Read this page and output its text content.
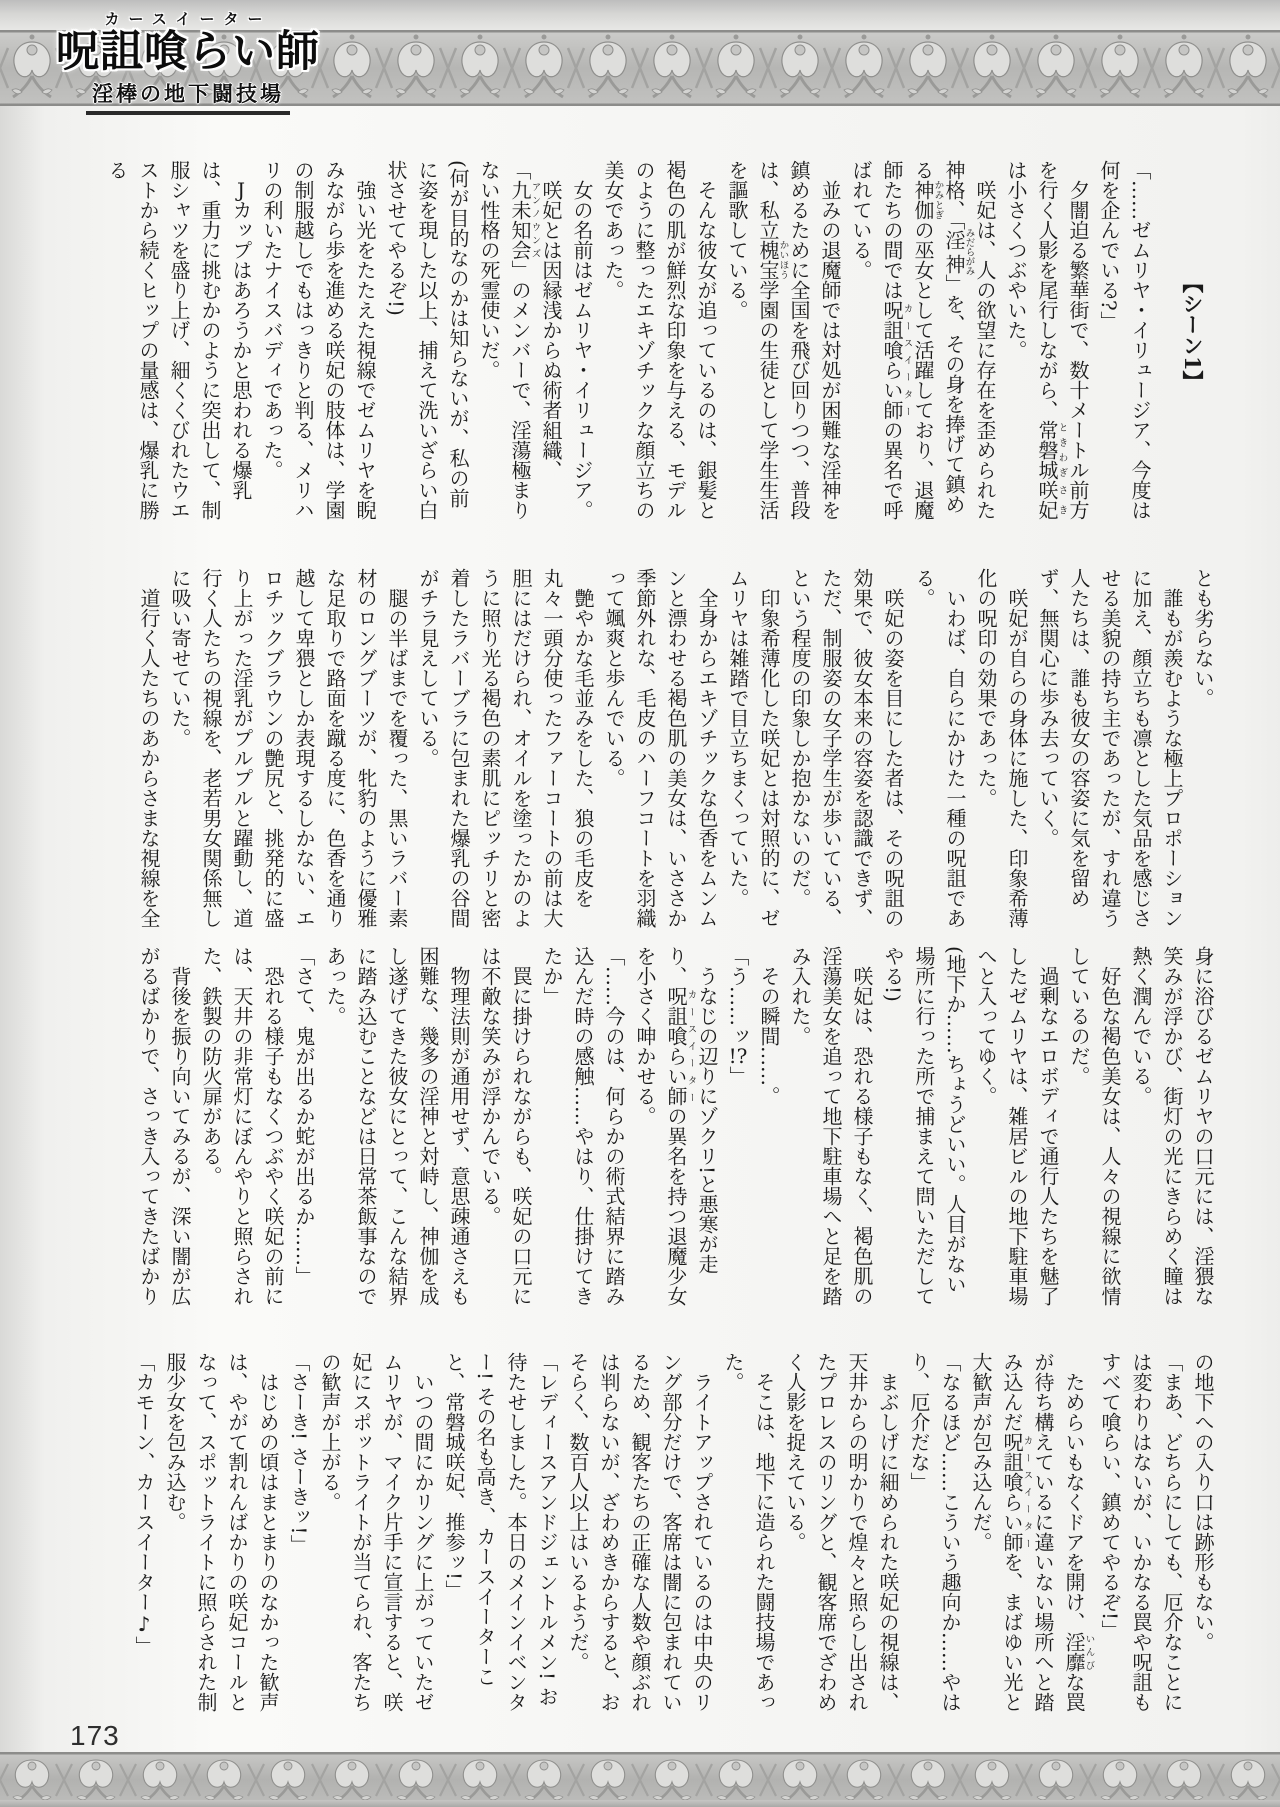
カースイーター
呪詛喰らい師
淫棒の地下闘技場

【シーン1】

「……ゼムリヤ・イリュージア、今度は何を企んでいる?」

夕闇迫る繁華街で、数十メートル前方を行く人影を尾行しながら、常磐城ときわぎ咲妃さきは小さくつぶやいた。

咲妃は、人の欲望に存在を歪められた神格、「淫神みだらがみ」を、その身を捧げて鎮める神伽かみとぎの巫女として活躍しており、退魔師たちの間では呪詛喰らい師カースイーターの異名で呼ばれている。

並みの退魔師では対処が困難な淫神を鎮めるために全国を飛び回りつつ、普段は、私立槐宝かいほう学園の生徒として学生生活を謳歌している。

そんな彼女が追っているのは、銀髪と褐色の肌が鮮烈な印象を与える、モデルのように整ったエキゾチックな顔立ちの美女であった。

女の名前はゼムリヤ・イリュージア。

咲妃とは因縁浅からぬ術者組織、「九未知会アンノウンズ」のメンバーで、淫蕩極まりない性格の死霊使いだ。

(何が目的なのかは知らないが、私の前に姿を現した以上、捕えて洗いざらい白状させてやるぞ!)

強い光をたたえた視線でゼムリヤを睨みながら歩を進める咲妃の肢体は、学園の制服越しでもはっきりと判る、メリハリの利いたナイスバディであった。

Jカップはあろうかと思われる爆乳は、重力に挑むかのように突出して、制服シャツを盛り上げ、細くくびれたウエストから続くヒップの量感は、爆乳に勝る

とも劣らない。

誰もが羨むような極上プロポーションに加え、顔立ちも凛とした気品を感じさせる美貌の持ち主であったが、すれ違う人たちは、誰も彼女の容姿に気を留めず、無関心に歩み去っていく。

咲妃が自らの身体に施した、印象希薄化の呪印の効果であった。

いわば、自らにかけた一種の呪詛である。

咲妃の姿を目にした者は、その呪詛の効果で、彼女本来の容姿を認識できず、ただ、制服姿の女子学生が歩いている、という程度の印象しか抱かないのだ。

印象希薄化した咲妃とは対照的に、ゼムリヤは雑踏で目立ちまくっていた。

全身からエキゾチックな色香をムンムンと漂わせる褐色肌の美女は、いささか季節外れな、毛皮のハーフコートを羽織って颯爽と歩んでいる。

艶やかな毛並みをした、狼の毛皮を丸々一頭分使ったファーコートの前は大胆にはだけられ、オイルを塗ったかのように照り光る褐色の素肌にピッチリと密着したラバーブラに包まれた爆乳の谷間がチラ見えしている。

腿の半ばまでを覆った、黒いラバー素材のロングブーツが、牝豹のように優雅な足取りで路面を蹴る度に、色香を通り越して卑猥としか表現するしかない、エロチックブラウンの艶尻と、挑発的に盛り上がった淫乳がプルプルと躍動し、道行く人たちの視線を、老若男女関係無しに吸い寄せていた。

道行く人たちのあからさまな視線を全

身に浴びるゼムリヤの口元には、淫猥な笑みが浮かび、街灯の光にきらめく瞳は熱く潤んでいる。

好色な褐色美女は、人々の視線に欲情しているのだ。

過剰なエロボディで通行人たちを魅了したゼムリヤは、雑居ビルの地下駐車場へと入ってゆく。

(地下か……ちょうどいい。人目がない場所に行った所で捕まえて問いただしてやる!)

咲妃は、恐れる様子もなく、褐色肌の淫蕩美女を追って地下駐車場へと足を踏み入れた。

その瞬間……。

「う……ッ!?」

うなじの辺りにゾクリ!と悪寒が走り、呪詛喰らい師カースイーターの異名を持つ退魔少女を小さく呻かせる。

「……今のは、何らかの術式結界に踏み込んだ時の感触……やはり、仕掛けてきたか」

罠に掛けられながらも、咲妃の口元には不敵な笑みが浮かんでいる。

物理法則が通用せず、意思疎通さえも困難な、幾多の淫神と対峙し、神伽を成し遂げてきた彼女にとって、こんな結界に踏み込むことなどは日常茶飯事なのであった。

「さて、鬼が出るか蛇が出るか……」

恐れる様子もなくつぶやく咲妃の前には、天井の非常灯にぼんやりと照らされた、鉄製の防火扉がある。

背後を振り向いてみるが、深い闇が広がるばかりで、さっき入ってきたばかり

の地下への入り口は跡形もない。

「まあ、どちらにしても、厄介なことには変わりはないが、いかなる罠や呪詛もすべて喰らい、鎮めてやるぞ!」

ためらいもなくドアを開け、淫靡いんびな罠が待ち構えているに違いない場所へと踏み込んだ呪詛喰らい師カースイーターを、まばゆい光と大歓声が包み込んだ。

「なるほど……こういう趣向か……やはり、厄介だな」

まぶしげに細められた咲妃の視線は、天井からの明かりで煌々と照らし出されたプロレスのリングと、観客席でざわめく人影を捉えている。

そこは、地下に造られた闘技場であった。

ライトアップされているのは中央のリング部分だけで、客席は闇に包まれているため、観客たちの正確な人数や顔ぶれは判らないが、ざわめきからすると、おそらく、数百人以上はいるようだ。

「レディースアンドジェントルメン! お待たせしました。本日のメインイベンター! その名も高き、カースイーターこと、常磐城咲妃、推参ッ!」

いつの間にかリングに上がっていたゼムリヤが、マイク片手に宣言すると、咲妃にスポットライトが当てられ、客たちの歓声が上がる。

「さーき! さーきッ!」

はじめの頃はまとまりのなかった歓声は、やがて割れんばかりの咲妃コールとなって、スポットライトに照らされた制服少女を包み込む。

「カモーン、カースイーター♪」

173
